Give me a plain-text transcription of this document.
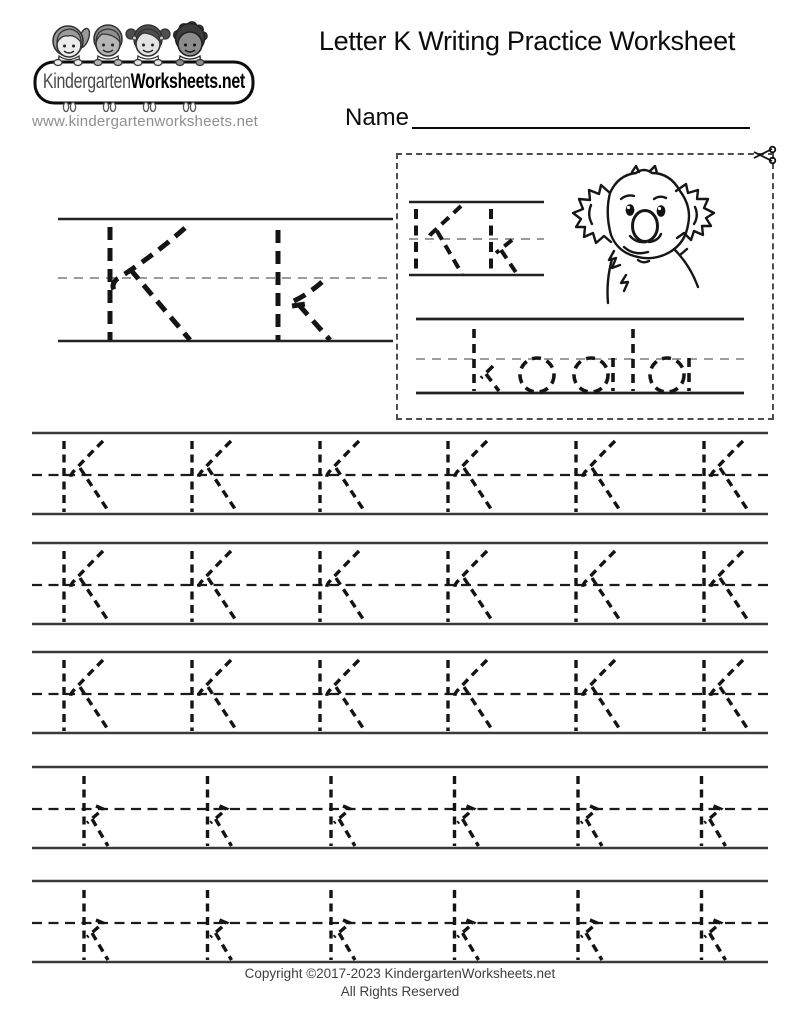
KindergartenWorksheets.net
www.kindergartenworksheets.net
Letter K Writing Practice Worksheet
Name
Copyright ©2017-2023 KindergartenWorksheets.net
All Rights Reserved
